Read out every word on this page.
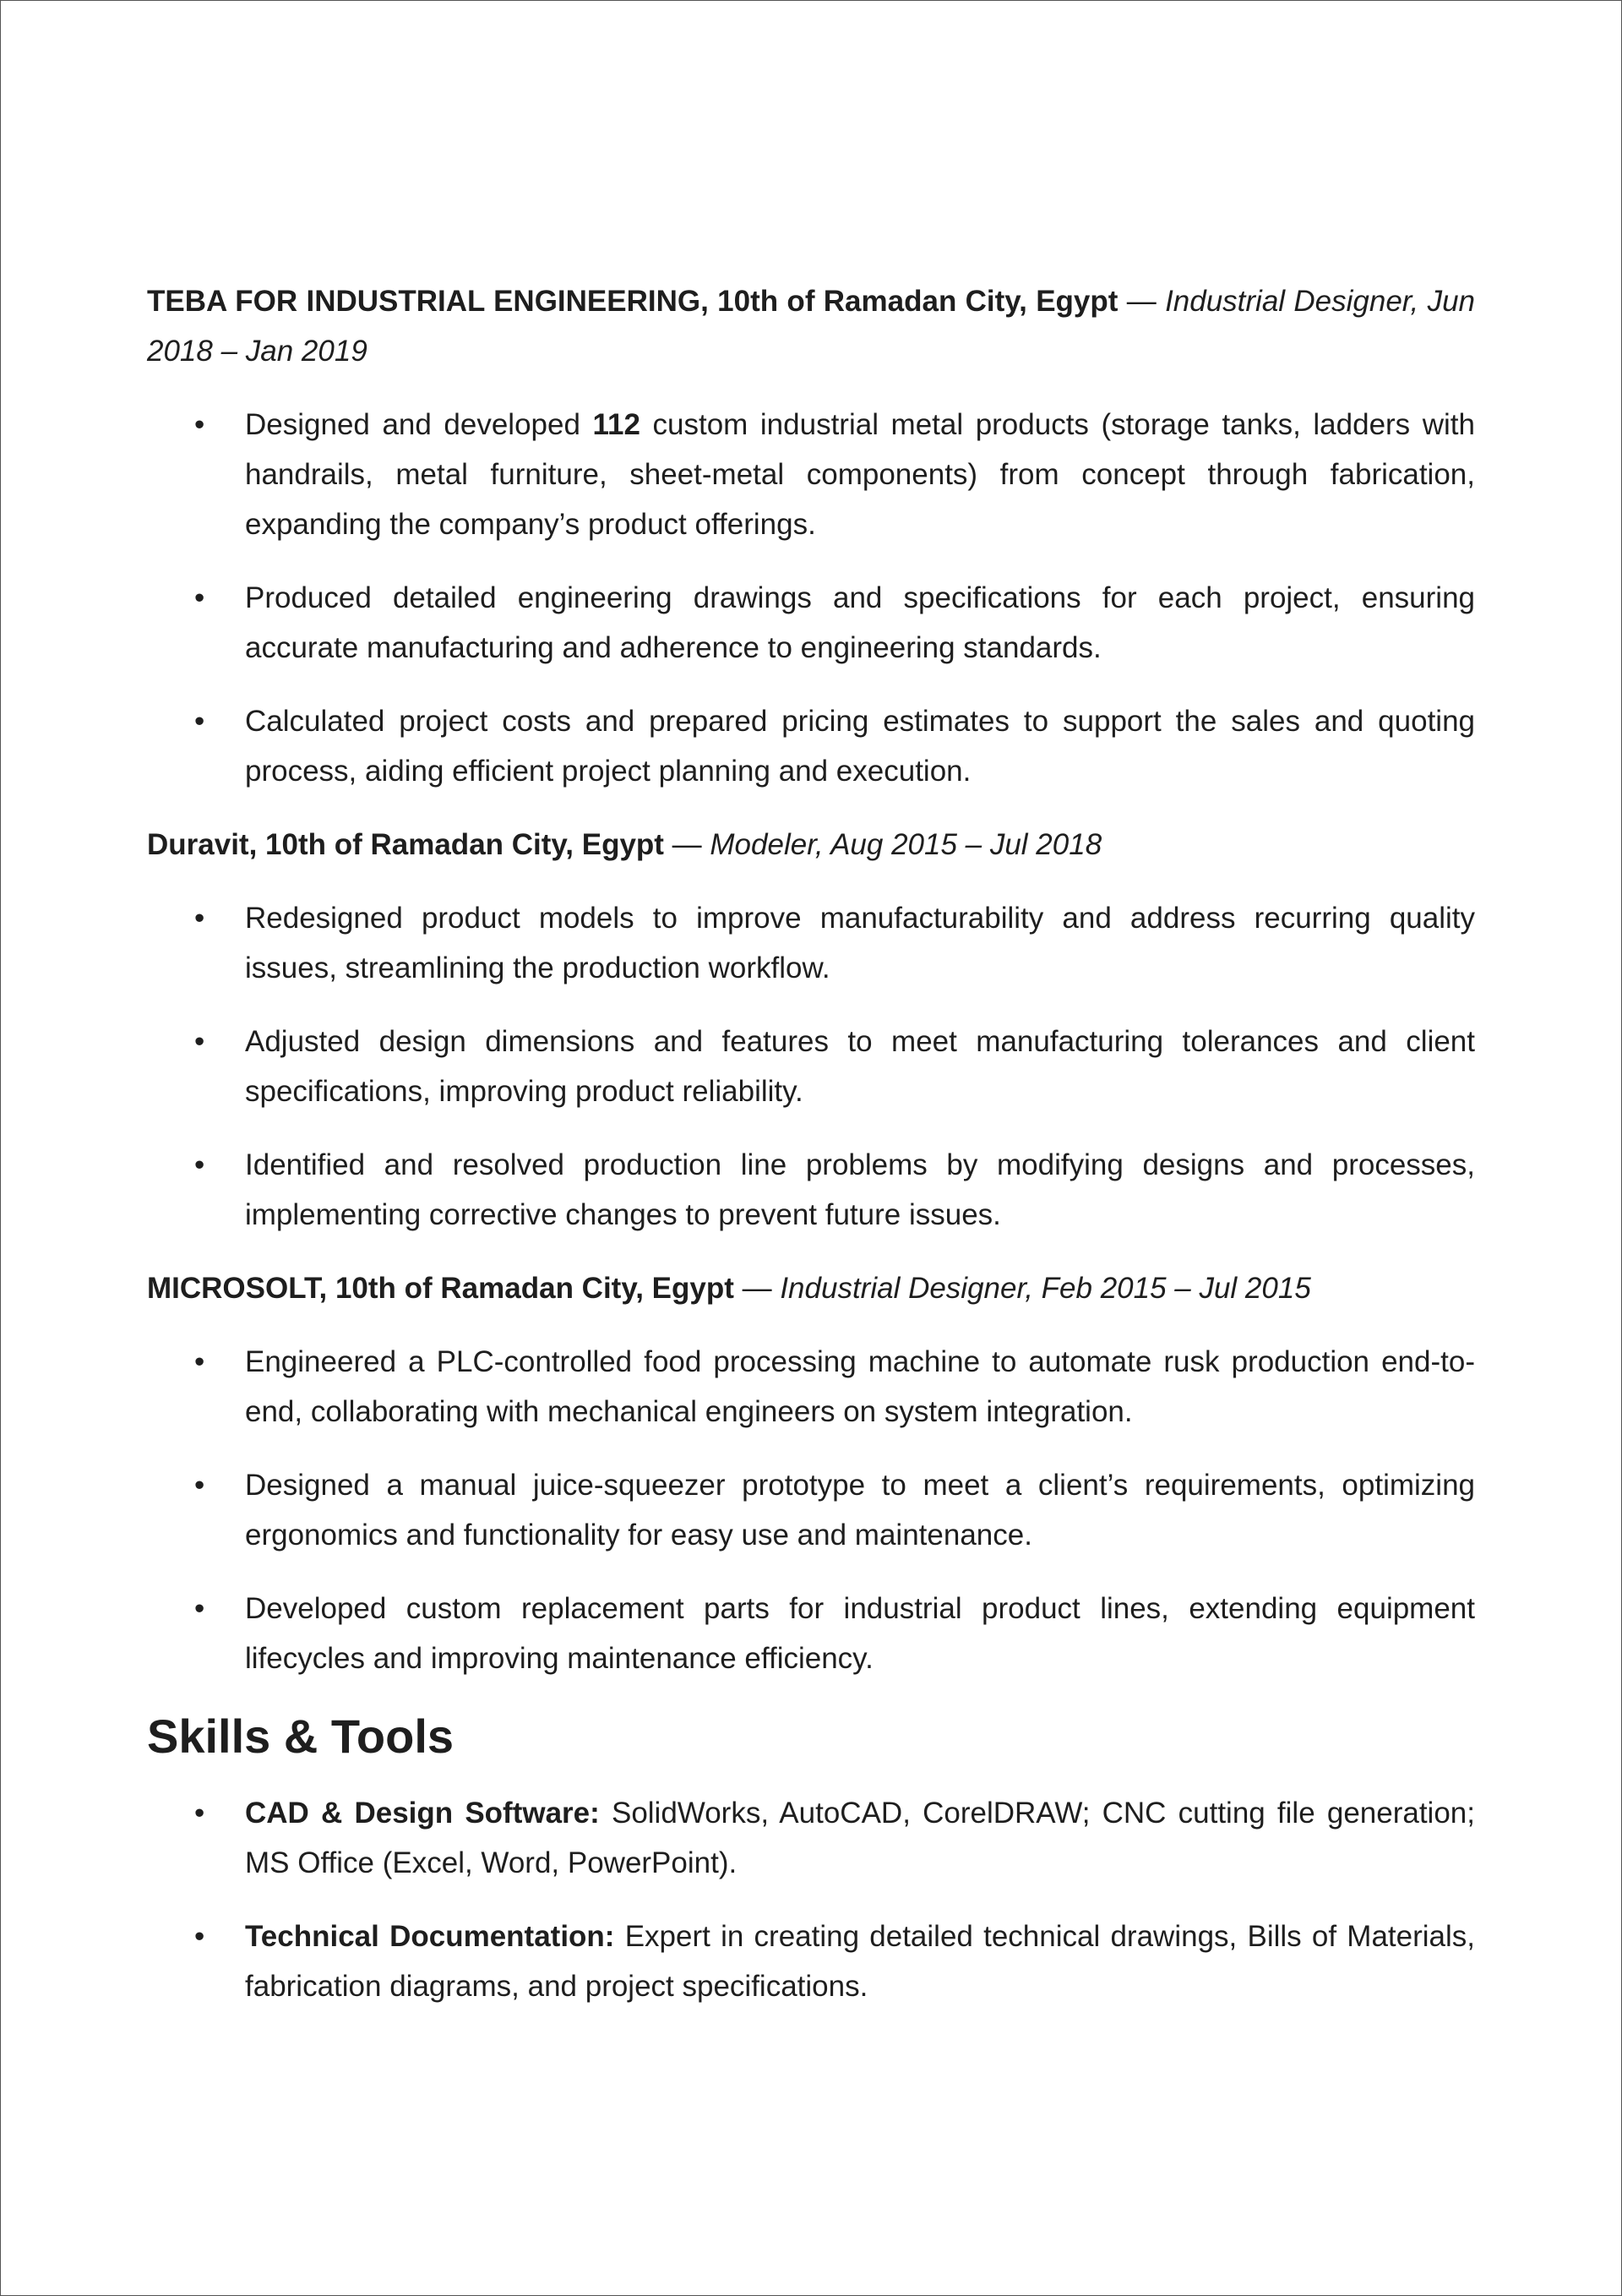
TEBA FOR INDUSTRIAL ENGINEERING, 10th of Ramadan City, Egypt — Industrial Designer, Jun 2018 – Jan 2019
• Designed and developed 112 custom industrial metal products (storage tanks, ladders with handrails, metal furniture, sheet-metal components) from concept through fabrication, expanding the company’s product offerings.
• Produced detailed engineering drawings and specifications for each project, ensuring accurate manufacturing and adherence to engineering standards.
• Calculated project costs and prepared pricing estimates to support the sales and quoting process, aiding efficient project planning and execution.
Duravit, 10th of Ramadan City, Egypt — Modeler, Aug 2015 – Jul 2018
• Redesigned product models to improve manufacturability and address recurring quality issues, streamlining the production workflow.
• Adjusted design dimensions and features to meet manufacturing tolerances and client specifications, improving product reliability.
• Identified and resolved production line problems by modifying designs and processes, implementing corrective changes to prevent future issues.
MICROSOLT, 10th of Ramadan City, Egypt — Industrial Designer, Feb 2015 – Jul 2015
• Engineered a PLC-controlled food processing machine to automate rusk production end-to-end, collaborating with mechanical engineers on system integration.
• Designed a manual juice-squeezer prototype to meet a client’s requirements, optimizing ergonomics and functionality for easy use and maintenance.
• Developed custom replacement parts for industrial product lines, extending equipment lifecycles and improving maintenance efficiency.
Skills & Tools
• CAD & Design Software: SolidWorks, AutoCAD, CorelDRAW; CNC cutting file generation; MS Office (Excel, Word, PowerPoint).
• Technical Documentation: Expert in creating detailed technical drawings, Bills of Materials, fabrication diagrams, and project specifications.
